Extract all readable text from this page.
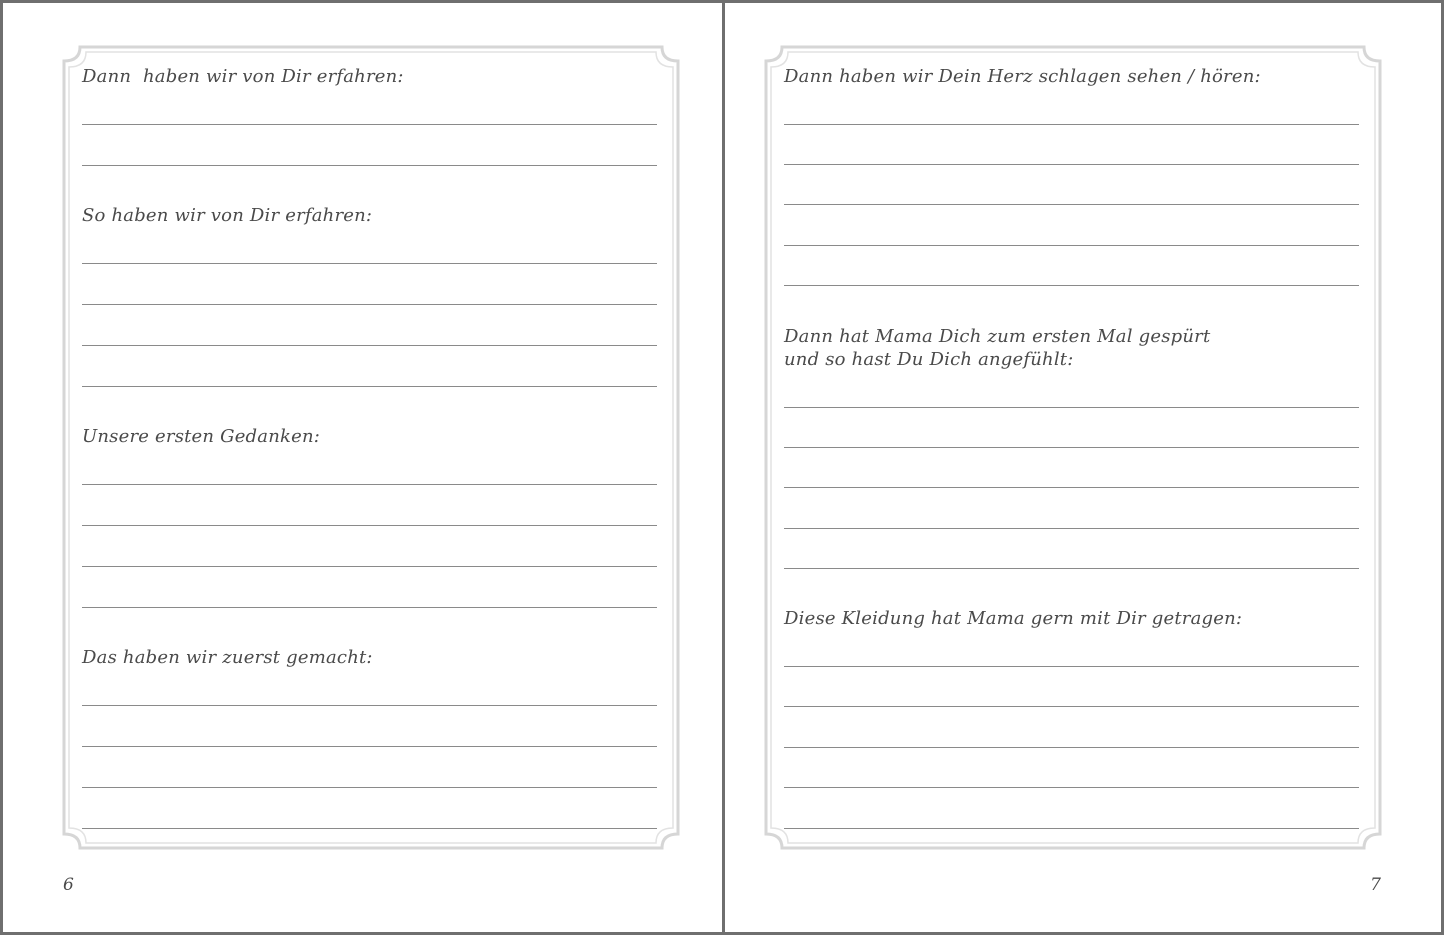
Dann  haben wir von Dir erfahren:

So haben wir von Dir erfahren:

Unsere ersten Gedanken:

Das haben wir zuerst gemacht:

6

Dann haben wir Dein Herz schlagen sehen / hören:

Dann hat Mama Dich zum ersten Mal gespürt

und so hast Du Dich angefühlt:

Diese Kleidung hat Mama gern mit Dir getragen:

7
